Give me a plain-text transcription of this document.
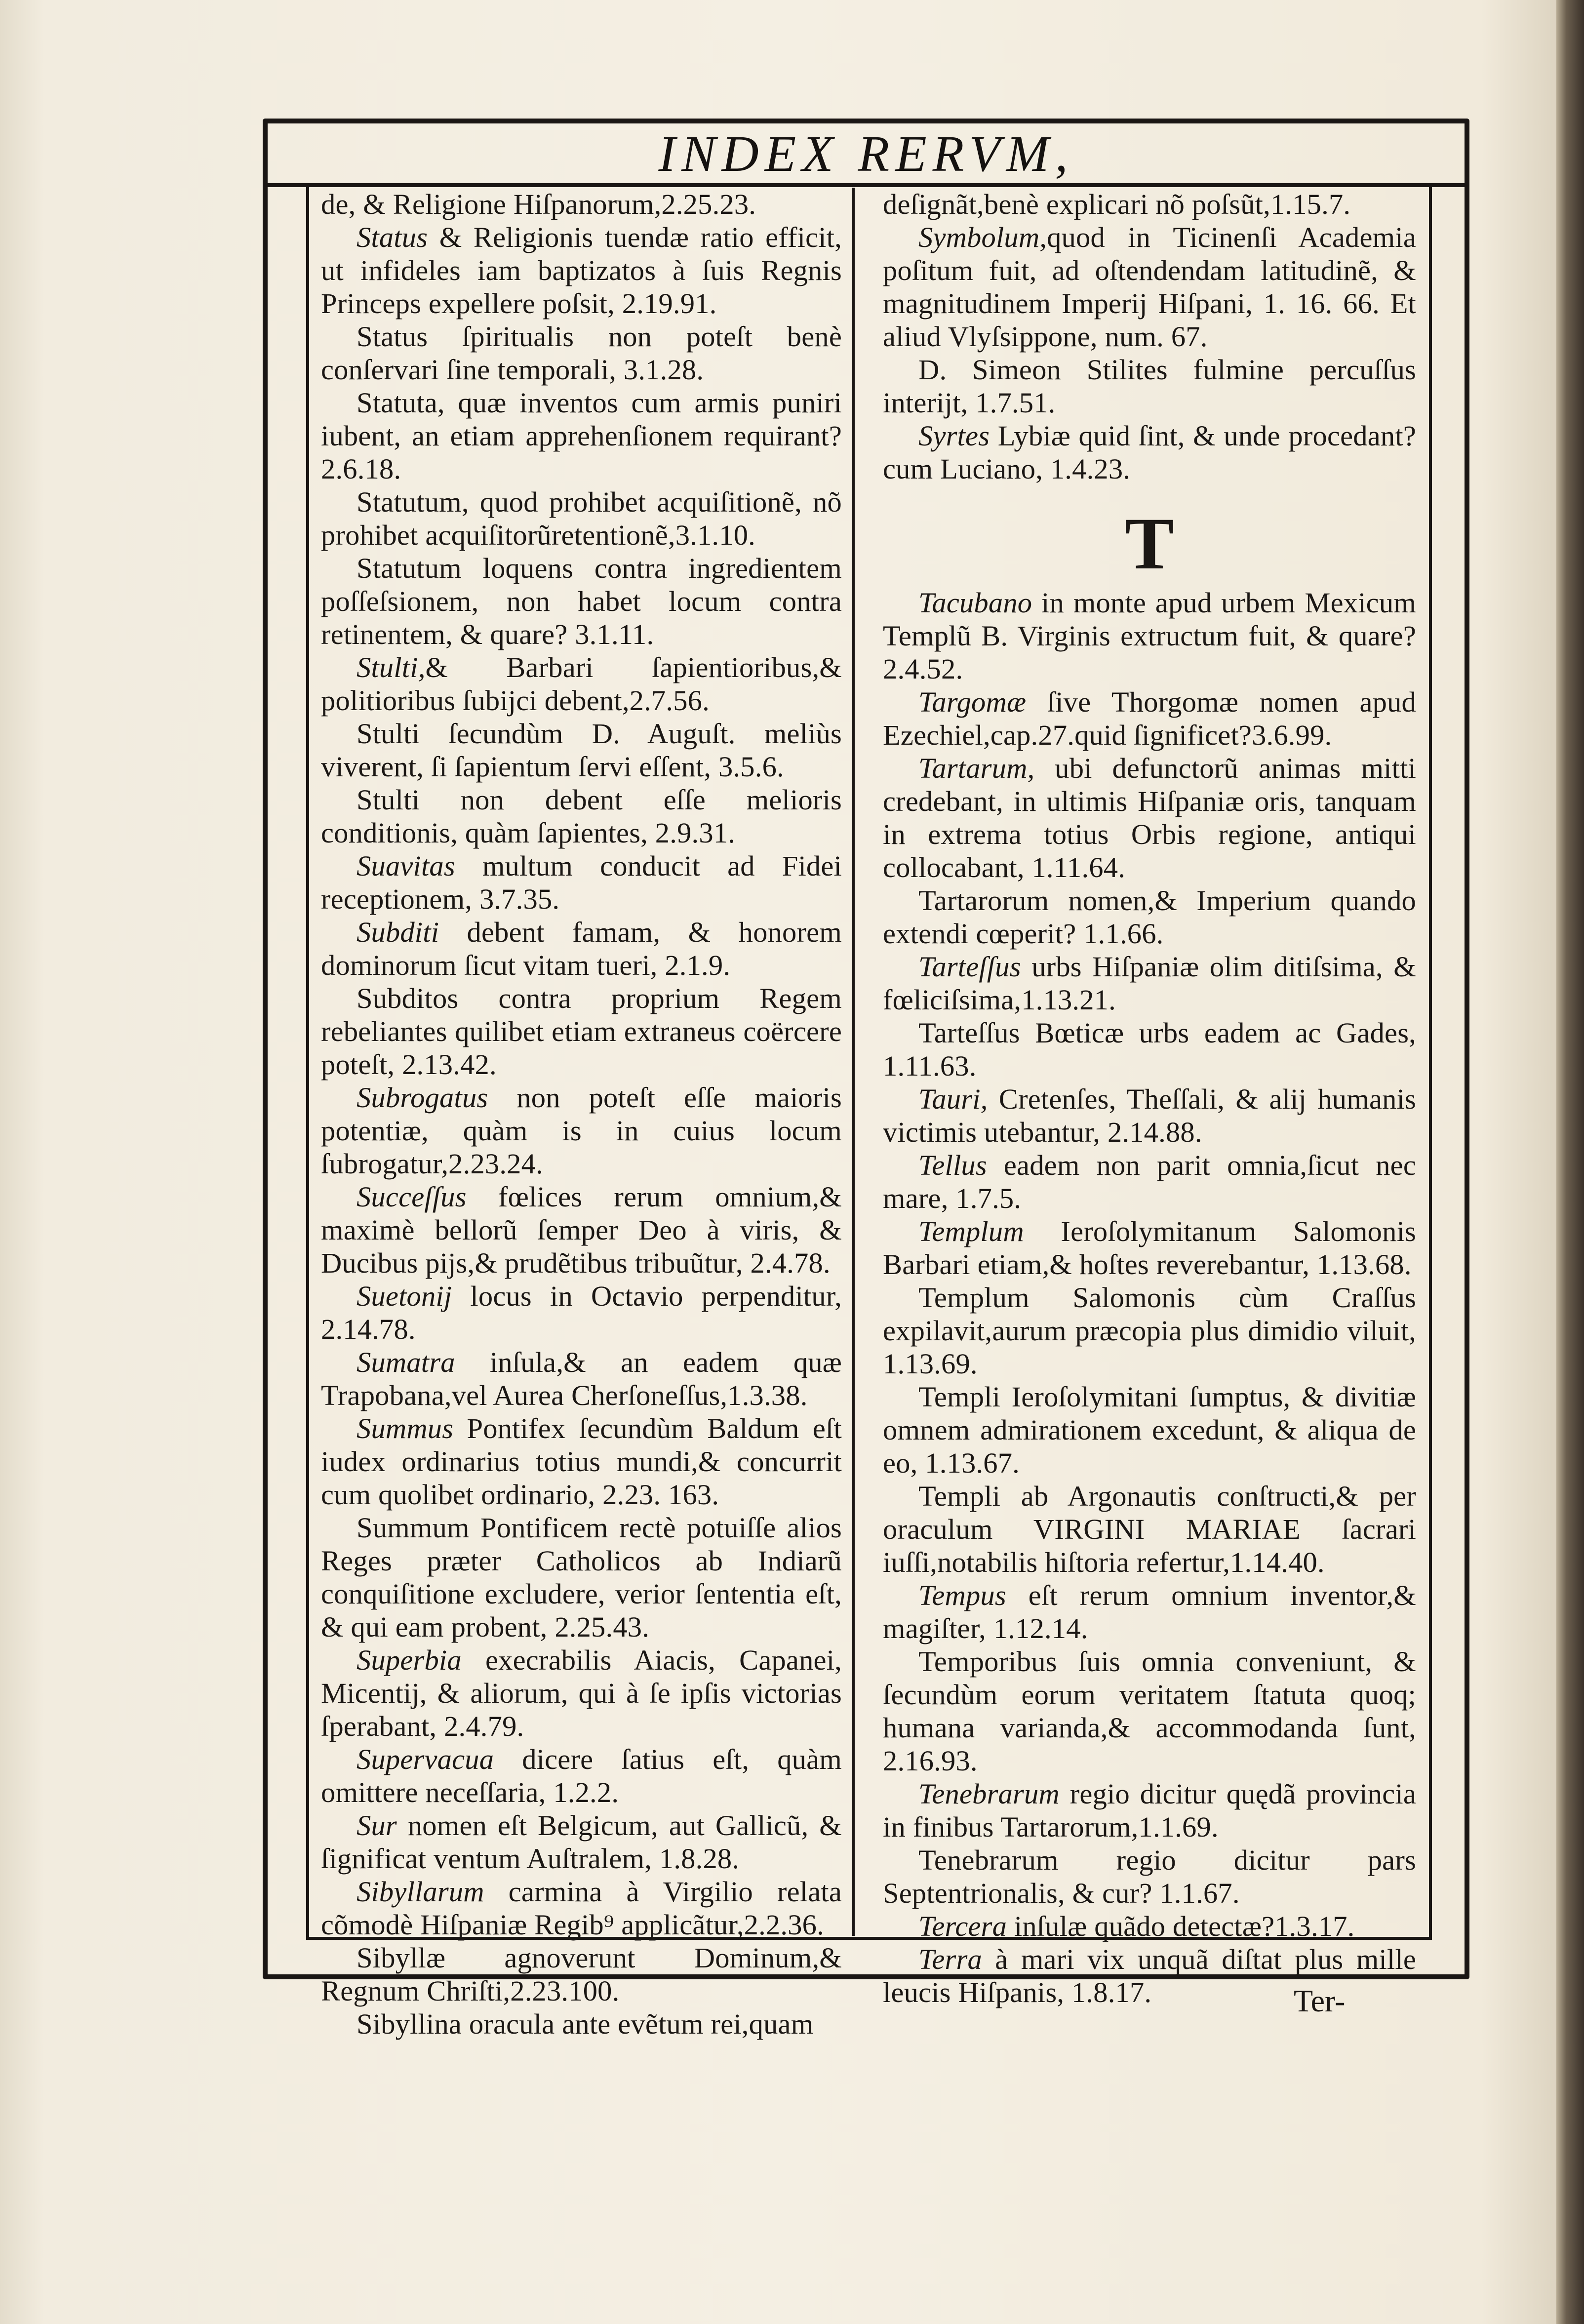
INDEX RERVM,

de, & Religione Hiſpanorum,2.25.23.

Status & Religionis tuendæ ratio efficit, ut infideles iam baptizatos à ſuis Regnis Princeps expellere poſsit, 2.19.91.

Status ſpiritualis non poteſt benè conſervari ſine temporali, 3.1.28.

Statuta, quæ inventos cum armis puniri iubent, an etiam apprehenſionem requirant? 2.6.18.

Statutum, quod prohibet acquiſitionẽ, nõ prohibet acquiſitorũretentionẽ,3.1.10.

Statutum loquens contra ingredientem poſſeſsionem, non habet locum contra retinentem, & quare? 3.1.11.

Stulti,& Barbari ſapientioribus,& politioribus ſubijci debent,2.7.56.

Stulti ſecundùm D. Auguſt. meliùs viverent, ſi ſapientum ſervi eſſent, 3.5.6.

Stulti non debent eſſe melioris conditionis, quàm ſapientes, 2.9.31.

Suavitas multum conducit ad Fidei receptionem, 3.7.35.

Subditi debent famam, & honorem dominorum ſicut vitam tueri, 2.1.9.

Subditos contra proprium Regem rebeliantes quilibet etiam extraneus coërcere poteſt, 2.13.42.

Subrogatus non poteſt eſſe maioris potentiæ, quàm is in cuius locum ſubrogatur,2.23.24.

Succeſſus fœlices rerum omnium,& maximè bellorũ ſemper Deo à viris, & Ducibus pijs,& prudẽtibus tribuũtur, 2.4.78.

Suetonij locus in Octavio perpenditur, 2.14.78.

Sumatra inſula,& an eadem quæ Trapobana,vel Aurea Cherſoneſſus,1.3.38.

Summus Pontifex ſecundùm Baldum eſt iudex ordinarius totius mundi,& concurrit cum quolibet ordinario, 2.23. 163.

Summum Pontificem rectè potuiſſe alios Reges præter Catholicos ab Indiarũ conquiſitione excludere, verior ſententia eſt, & qui eam probent, 2.25.43.

Superbia execrabilis Aiacis, Capanei, Micentij, & aliorum, qui à ſe ipſis victorias ſperabant, 2.4.79.

Supervacua dicere ſatius eſt, quàm omittere neceſſaria, 1.2.2.

Sur nomen eſt Belgicum, aut Gallicũ, & ſignificat ventum Auſtralem, 1.8.28.

Sibyllarum carmina à Virgilio relata cõmodè Hiſpaniæ Regib⁹ applicãtur,2.2.36.

Sibyllæ agnoverunt Dominum,& Regnum Chriſti,2.23.100.

Sibyllina oracula ante evẽtum rei,quam

deſignãt,benè explicari nõ poſsũt,1.15.7.

Symbolum,quod in Ticinenſi Academia poſitum fuit, ad oſtendendam latitudinẽ, & magnitudinem Imperij Hiſpani, 1. 16. 66. Et aliud Vlyſsippone, num. 67.

D. Simeon Stilites fulmine percuſſus interijt, 1.7.51.

Syrtes Lybiæ quid ſint, & unde procedant? cum Luciano, 1.4.23.

T

Tacubano in monte apud urbem Mexicum Templũ B. Virginis extructum fuit, & quare? 2.4.52.

Targomæ ſive Thorgomæ nomen apud Ezechiel,cap.27.quid ſignificet?3.6.99.

Tartarum, ubi defunctorũ animas mitti credebant, in ultimis Hiſpaniæ oris, tanquam in extrema totius Orbis regione, antiqui collocabant, 1.11.64.

Tartarorum nomen,& Imperium quando extendi cœperit? 1.1.66.

Tarteſſus urbs Hiſpaniæ olim ditiſsima, & fœliciſsima,1.13.21.

Tarteſſus Bœticæ urbs eadem ac Gades, 1.11.63.

Tauri, Cretenſes, Theſſali, & alij humanis victimis utebantur, 2.14.88.

Tellus eadem non parit omnia,ſicut nec mare, 1.7.5.

Templum Ieroſolymitanum Salomonis Barbari etiam,& hoſtes reverebantur, 1.13.68.

Templum Salomonis cùm Craſſus expilavit,aurum præcopia plus dimidio viluit, 1.13.69.

Templi Ieroſolymitani ſumptus, & divitiæ omnem admirationem excedunt, & aliqua de eo, 1.13.67.

Templi ab Argonautis conſtructi,& per oraculum VIRGINI MARIAE ſacrari iuſſi,notabilis hiſtoria refertur,1.14.40.

Tempus eſt rerum omnium inventor,& magiſter, 1.12.14.

Temporibus ſuis omnia conveniunt, & ſecundùm eorum veritatem ſtatuta quoq; humana varianda,& accommodanda ſunt, 2.16.93.

Tenebrarum regio dicitur quędã provincia in finibus Tartarorum,1.1.69.

Tenebrarum regio dicitur pars Septentrionalis, & cur? 1.1.67.

Tercera inſulæ quãdo detectæ?1.3.17.

Terra à mari vix unquã diſtat plus mille leucis Hiſpanis, 1.8.17.	Ter-
